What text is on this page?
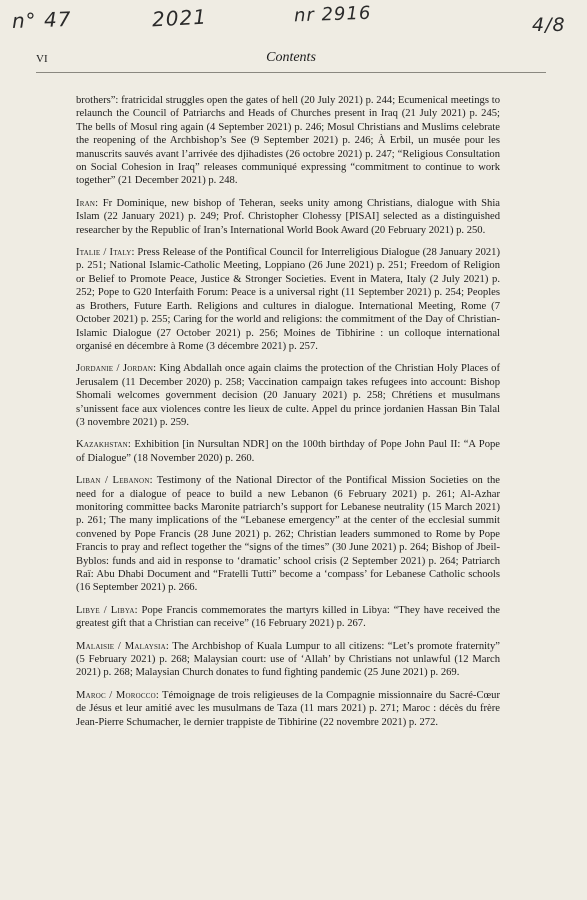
n° 47	2021	nr 2916	4/8
VI	Contents

brothers”: fratricidal struggles open the gates of hell (20 July 2021) p. 244; Ecumenical meetings to relaunch the Council of Patriarchs and Heads of Churches present in Iraq (21 July 2021) p. 245; The bells of Mosul ring again (4 September 2021) p. 246; Mosul Christians and Muslims celebrate the reopening of the Archbishop’s See (9 September 2021) p. 246; À Erbil, un musée pour les manuscrits sauvés avant l’arrivée des djihadistes (26 octobre 2021) p. 247; “Religious Consultation on Social Cohesion in Iraq” releases communiqué expressing “commitment to continue to work together” (21 December 2021) p. 248.

Iran: Fr Dominique, new bishop of Teheran, seeks unity among Christians, dialogue with Shia Islam (22 January 2021) p. 249; Prof. Christopher Clohessy [PISAI] selected as a distinguished researcher by the Republic of Iran’s International World Book Award (20 February 2021) p. 250.

Italie / Italy: Press Release of the Pontifical Council for Interreligious Dialogue (28 January 2021) p. 251; National Islamic-Catholic Meeting, Loppiano (26 June 2021) p. 251; Freedom of Religion or Belief to Promote Peace, Justice & Stronger Societies. Event in Matera, Italy (2 July 2021) p. 252; Pope to G20 Interfaith Forum: Peace is a universal right (11 September 2021) p. 254; Peoples as Brothers, Future Earth. Religions and cultures in dialogue. International Meeting, Rome (7 October 2021) p. 255; Caring for the world and religions: the commitment of the Day of Christian-Islamic Dialogue (27 October 2021) p. 256; Moines de Tibhirine : un colloque international organisé en décembre à Rome (3 décembre 2021) p. 257.

Jordanie / Jordan: King Abdallah once again claims the protection of the Christian Holy Places of Jerusalem (11 December 2020) p. 258; Vaccination campaign takes refugees into account: Bishop Shomali welcomes government decision (20 January 2021) p. 258; Chrétiens et musulmans s’unissent face aux violences contre les lieux de culte. Appel du prince jordanien Hassan Bin Talal (3 novembre 2021) p. 259.

Kazakhstan: Exhibition [in Nursultan NDR] on the 100th birthday of Pope John Paul II: “A Pope of Dialogue” (18 November 2020) p. 260.

Liban / Lebanon: Testimony of the National Director of the Pontifical Mission Societies on the need for a dialogue of peace to build a new Lebanon (6 February 2021) p. 261; Al-Azhar monitoring committee backs Maronite patriarch’s support for Lebanese neutrality (15 March 2021) p. 261; The many implications of the “Lebanese emergency” at the center of the ecclesial summit convened by Pope Francis (28 June 2021) p. 262; Christian leaders summoned to Rome by Pope Francis to pray and reflect together the “signs of the times” (30 June 2021) p. 264; Bishop of Jbeil-Byblos: funds and aid in response to ‘dramatic’ school crisis (2 September 2021) p. 264; Patriarch Raï: Abu Dhabi Document and “Fratelli Tutti” become a ‘compass’ for Lebanese Catholic schools (16 September 2021) p. 266.

Libye / Libya: Pope Francis commemorates the martyrs killed in Libya: “They have received the greatest gift that a Christian can receive” (16 February 2021) p. 267.

Malaisie / Malaysia: The Archbishop of Kuala Lumpur to all citizens: “Let’s promote fraternity” (5 February 2021) p. 268; Malaysian court: use of ‘Allah’ by Christians not unlawful (12 March 2021) p. 268; Malaysian Church donates to fund fighting pandemic (25 June 2021) p. 269.

Maroc / Morocco: Témoignage de trois religieuses de la Compagnie missionnaire du Sacré-Cœur de Jésus et leur amitié avec les musulmans de Taza (11 mars 2021) p. 271; Maroc : décès du frère Jean-Pierre Schumacher, le dernier trappiste de Tibhirine (22 novembre 2021) p. 272.
